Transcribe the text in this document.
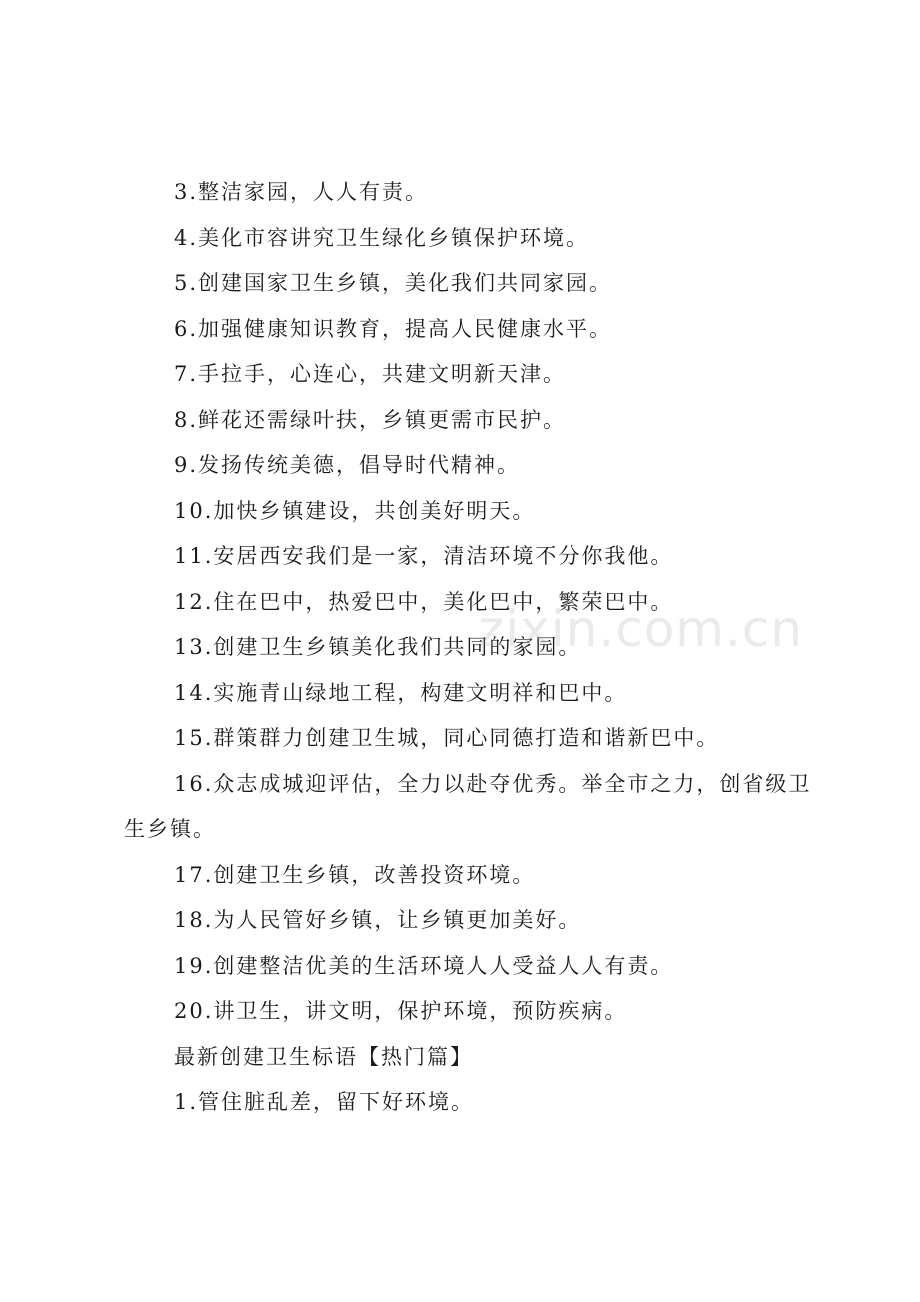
3.整洁家园，人人有责。

4.美化市容讲究卫生绿化乡镇保护环境。

5.创建国家卫生乡镇，美化我们共同家园。

6.加强健康知识教育，提高人民健康水平。

7.手拉手，心连心，共建文明新天津。

8.鲜花还需绿叶扶，乡镇更需市民护。

9.发扬传统美德，倡导时代精神。

10.加快乡镇建设，共创美好明天。

11.安居西安我们是一家，清洁环境不分你我他。

12.住在巴中，热爱巴中，美化巴中，繁荣巴中。

13.创建卫生乡镇美化我们共同的家园。

14.实施青山绿地工程，构建文明祥和巴中。

15.群策群力创建卫生城，同心同德打造和谐新巴中。

16.众志成城迎评估，全力以赴夺优秀。举全市之力，创省级卫生乡镇。

17.创建卫生乡镇，改善投资环境。

18.为人民管好乡镇，让乡镇更加美好。

19.创建整洁优美的生活环境人人受益人人有责。

20.讲卫生，讲文明，保护环境，预防疾病。

最新创建卫生标语【热门篇】

1.管住脏乱差，留下好环境。

zixin.com.cn
